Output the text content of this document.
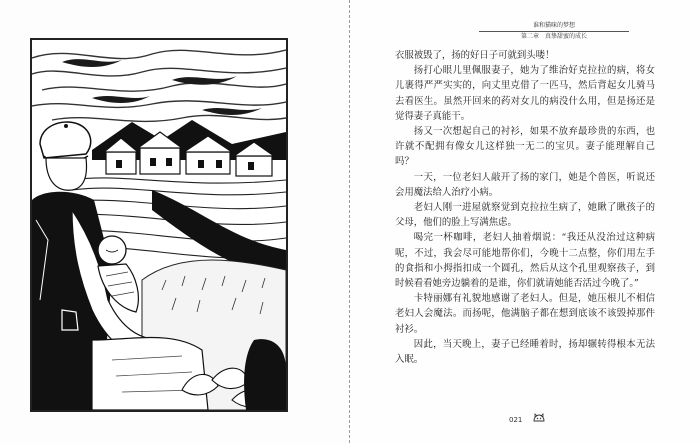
谁和猫咪的梦想
第二章　真挚甜蜜的成长

衣服被毁了，扬的好日子可就到头喽！

扬打心眼儿里佩服妻子，她为了维治好克拉拉的病，将女儿裹得严严实实的，向丈里克借了一匹马，然后背起女儿骑马去看医生。虽然开回来的药对女儿的病没什么用，但是扬还是觉得妻子真能干。

扬又一次想起自己的衬衫，如果不放弃最珍贵的东西，也许就不配拥有像女儿这样独一无二的宝贝。妻子能理解自己吗？

一天，一位老妇人敲开了扬的家门，她是个兽医，听说还会用魔法给人治疗小病。

老妇人刚一进屋就察觉到克拉拉生病了，她瞅了瞅孩子的父母，他们的脸上写满焦虑。

喝完一杯咖啡，老妇人抽着烟说：“我还从没治过这种病呢，不过，我会尽可能地帮你们，今晚十二点整，你们用左手的食指和小拇指扣成一个圆孔，然后从这个孔里观察孩子，到时候看看她旁边躺着的是谁，你们就请她能否活过今晚了。”

卡特丽娜有礼貌地感谢了老妇人。但是，她压根儿不相信老妇人会魔法。而扬呢，他满脑子都在想到底该不该毁掉那件衬衫。

因此，当天晚上，妻子已经睡着时，扬却辗转得根本无法入眠。

021
